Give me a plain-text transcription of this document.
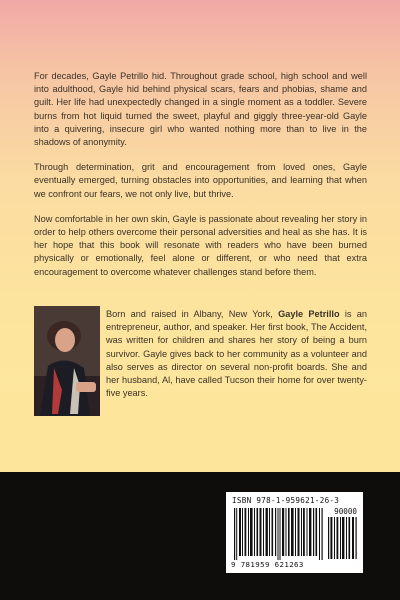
For decades, Gayle Petrillo hid. Throughout grade school, high school and well into adulthood, Gayle hid behind physical scars, fears and phobias, shame and guilt. Her life had unexpectedly changed in a single moment as a toddler. Severe burns from hot liquid turned the sweet, playful and giggly three-year-old Gayle into a quivering, insecure girl who wanted nothing more than to live in the shadows of anonymity.

Through determination, grit and encouragement from loved ones, Gayle eventually emerged, turning obstacles into opportunities, and learning that when we confront our fears, we not only live, but thrive.

Now comfortable in her own skin, Gayle is passionate about revealing her story in order to help others overcome their personal adversities and heal as she has. It is her hope that this book will resonate with readers who have been burned physically or emotionally, feel alone or different, or who need that extra encouragement to overcome whatever challenges stand before them.

Born and raised in Albany, New York, Gayle Petrillo is an entrepreneur, author, and speaker. Her first book, The Accident, was written for children and shares her story of being a burn survivor. Gayle gives back to her community as a volunteer and also serves as director on several non-profit boards. She and her husband, Al, have called Tucson their home for over twenty-five years.
ISBN 978-1-959621-26-3
90000
9 781959 621263
